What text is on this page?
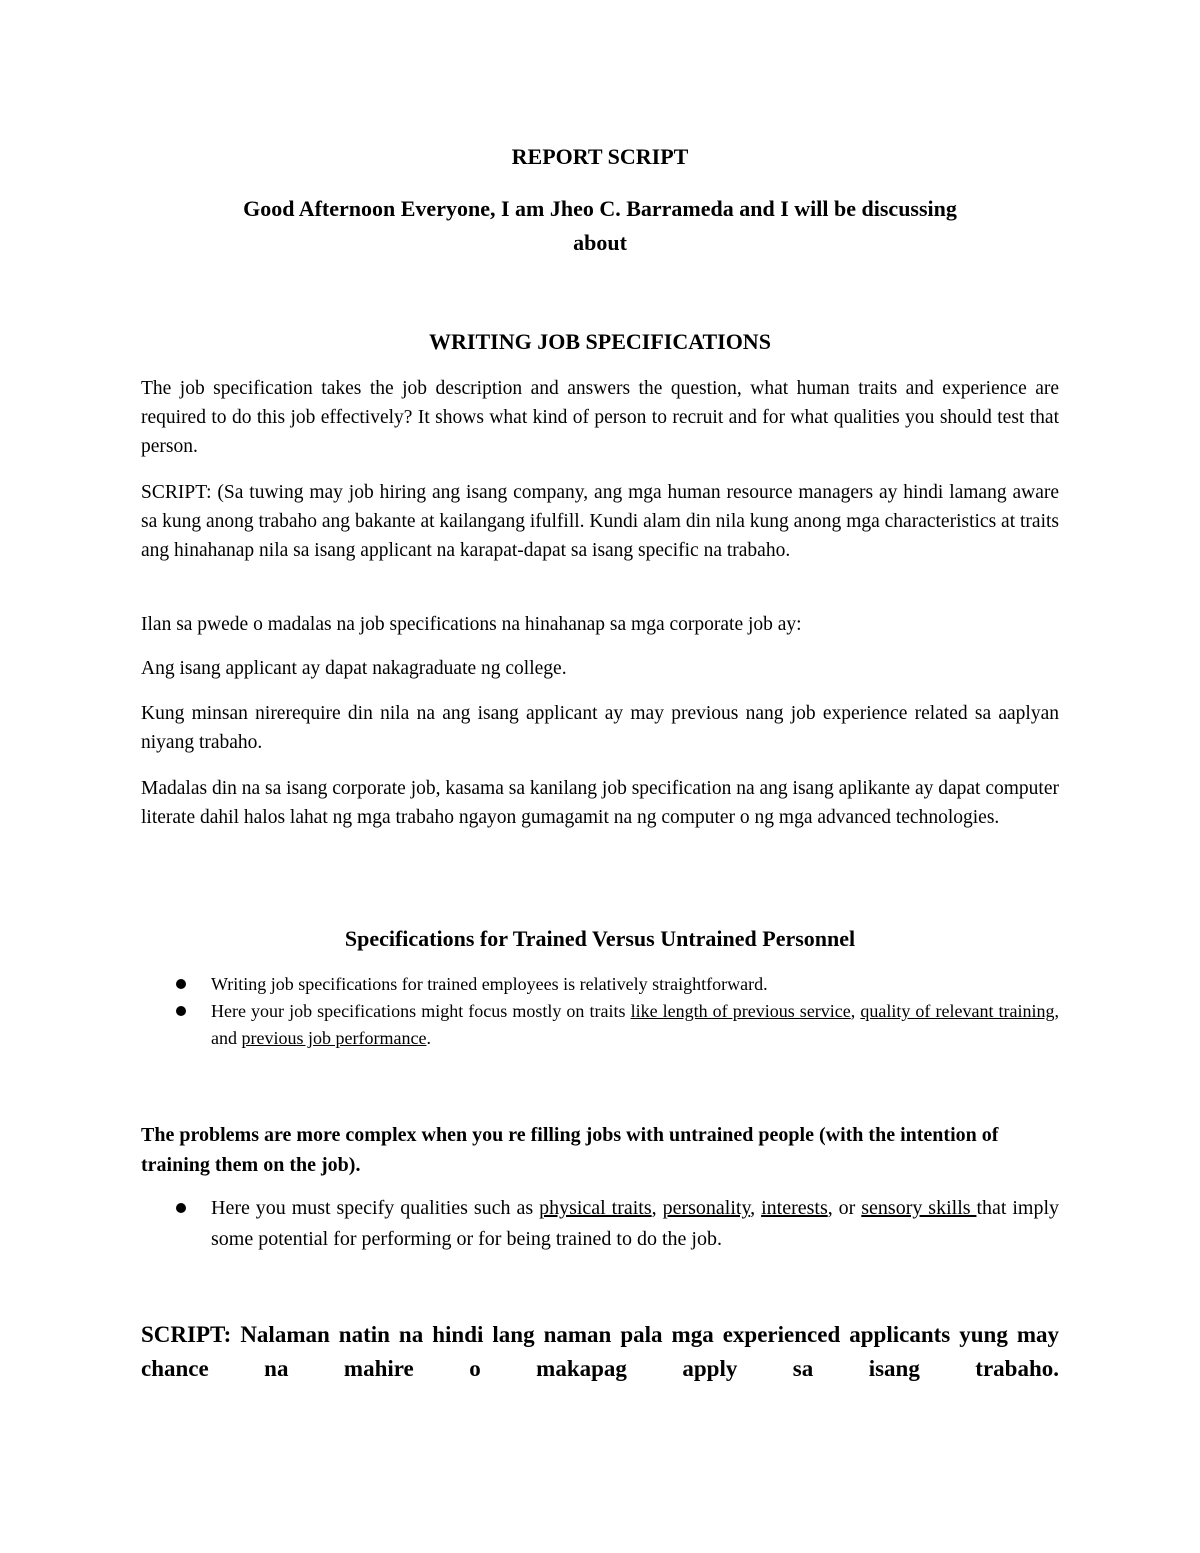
REPORT SCRIPT

Good Afternoon Everyone, I am Jheo C. Barrameda and I will be discussing

about

WRITING JOB SPECIFICATIONS

The job specification takes the job description and answers the question, what human traits and experience are required to do this job effectively? It shows what kind of person to recruit and for what qualities you should test that person.

SCRIPT: (Sa tuwing may job hiring ang isang company, ang mga human resource managers ay hindi lamang aware sa kung anong trabaho ang bakante at kailangang ifulfill. Kundi alam din nila kung anong mga characteristics at traits ang hinahanap nila sa isang applicant na karapat-dapat sa isang specific na trabaho.

Ilan sa pwede o madalas na job specifications na hinahanap sa mga corporate job ay:

Ang isang applicant ay dapat nakagraduate ng college.

Kung minsan nirerequire din nila na ang isang applicant ay may previous nang job experience related sa aaplyan niyang trabaho.

Madalas din na sa isang corporate job, kasama sa kanilang job specification na ang isang aplikante ay dapat computer literate dahil halos lahat ng mga trabaho ngayon gumagamit na ng computer o ng mga advanced technologies.

Specifications for Trained Versus Untrained Personnel

Writing job specifications for trained employees is relatively straightforward.
Here your job specifications might focus mostly on traits like length of previous service, quality of relevant training, and previous job performance.

The problems are more complex when you re filling jobs with untrained people (with the intention of training them on the job).

Here you must specify qualities such as physical traits, personality, interests, or sensory skills that imply some potential for performing or for being trained to do the job.

SCRIPT: Nalaman natin na hindi lang naman pala mga experienced applicants yung may chance na mahire o makapag apply sa isang trabaho.
